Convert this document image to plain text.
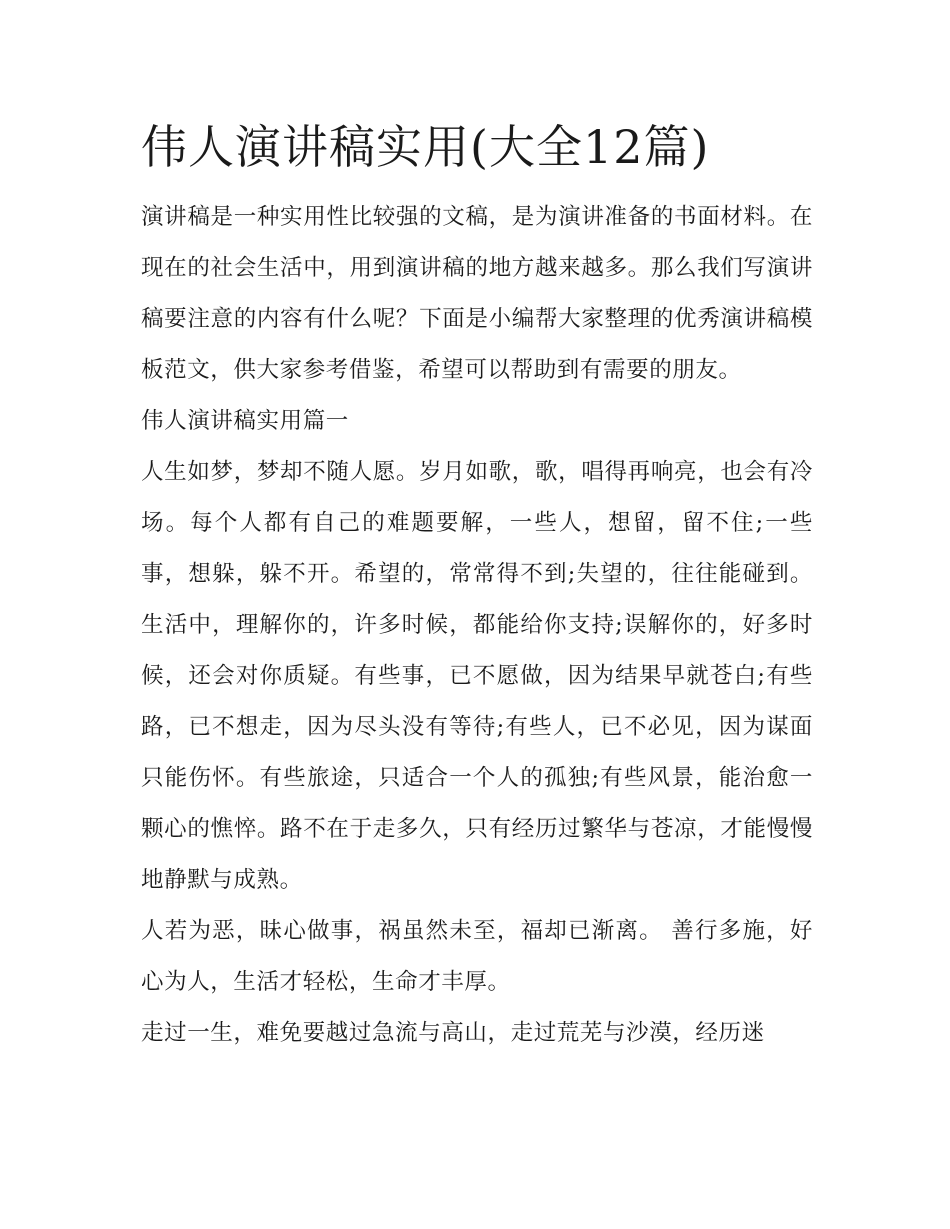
伟人演讲稿实用(大全12篇)

演讲稿是一种实用性比较强的文稿，是为演讲准备的书面材料。在现在的社会生活中，用到演讲稿的地方越来越多。那么我们写演讲稿要注意的内容有什么呢？下面是小编帮大家整理的优秀演讲稿模板范文，供大家参考借鉴，希望可以帮助到有需要的朋友。

伟人演讲稿实用篇一

人生如梦，梦却不随人愿。岁月如歌，歌，唱得再响亮，也会有冷场。每个人都有自己的难题要解，一些人，想留，留不住;一些事，想躲，躲不开。希望的，常常得不到;失望的，往往能碰到。生活中，理解你的，许多时候，都能给你支持;误解你的，好多时候，还会对你质疑。有些事，已不愿做，因为结果早就苍白;有些路，已不想走，因为尽头没有等待;有些人，已不必见，因为谋面只能伤怀。有些旅途，只适合一个人的孤独;有些风景，能治愈一颗心的憔悴。路不在于走多久，只有经历过繁华与苍凉，才能慢慢地静默与成熟。

人若为恶，昧心做事，祸虽然未至，福却已渐离。 善行多施，好心为人，生活才轻松，生命才丰厚。

走过一生，难免要越过急流与高山，走过荒芜与沙漠，经历迷
